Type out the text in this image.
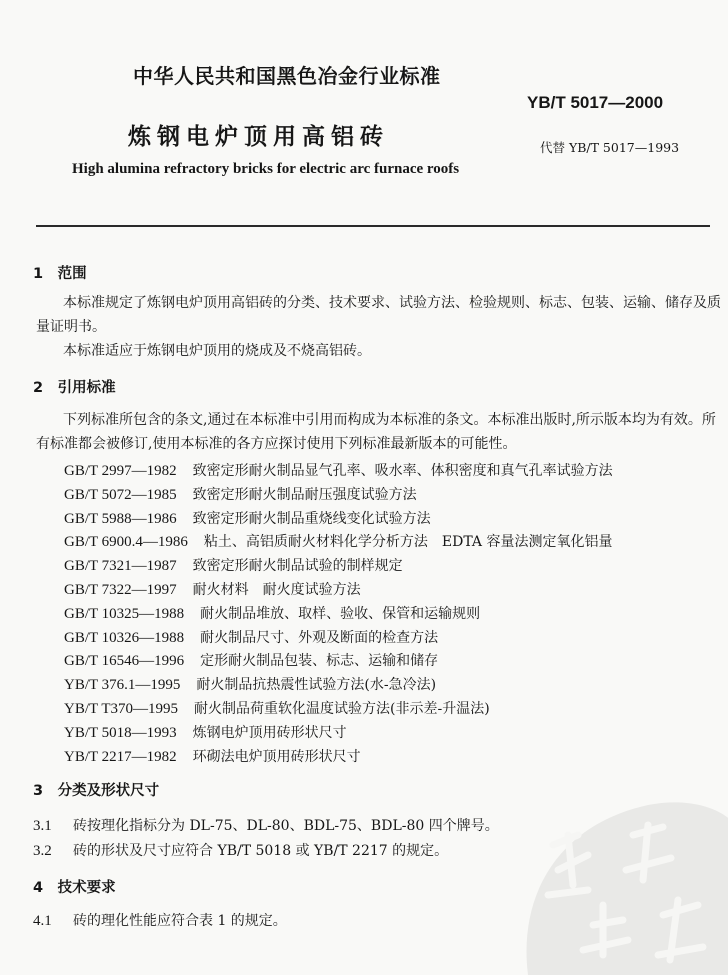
中华人民共和国黑色冶金行业标准
YB/T 5017—2000
炼钢电炉顶用高铝砖	代替 YB/T 5017—1993
High alumina refractory bricks for electric arc furnace roofs
1　范围
本标准规定了炼钢电炉顶用高铝砖的分类、技术要求、试验方法、检验规则、标志、包装、运输、储存及质量证明书。
本标准适应于炼钢电炉顶用的烧成及不烧高铝砖。
2　引用标准
下列标准所包含的条文,通过在本标准中引用而构成为本标准的条文。本标准出版时,所示版本均为有效。所有标准都会被修订,使用本标准的各方应探讨使用下列标准最新版本的可能性。
GB/T 2997—1982 致密定形耐火制品显气孔率、吸水率、体积密度和真气孔率试验方法
GB/T 5072—1985 致密定形耐火制品耐压强度试验方法
GB/T 5988—1986 致密定形耐火制品重烧线变化试验方法
GB/T 6900.4—1986 粘土、高铝质耐火材料化学分析方法　EDTA 容量法测定氧化铝量
GB/T 7321—1987 致密定形耐火制品试验的制样规定
GB/T 7322—1997 耐火材料　耐火度试验方法
GB/T 10325—1988 耐火制品堆放、取样、验收、保管和运输规则
GB/T 10326—1988 耐火制品尺寸、外观及断面的检查方法
GB/T 16546—1996 定形耐火制品包装、标志、运输和储存
YB/T 376.1—1995 耐火制品抗热震性试验方法(水-急冷法)
YB/T T370—1995 耐火制品荷重软化温度试验方法(非示差-升温法)
YB/T 5018—1993 炼钢电炉顶用砖形状尺寸
YB/T 2217—1982 环砌法电炉顶用砖形状尺寸
3　分类及形状尺寸
3.1 砖按理化指标分为 DL-75、DL-80、BDL-75、BDL-80 四个牌号。
3.2 砖的形状及尺寸应符合 YB/T 5018 或 YB/T 2217 的规定。
4　技术要求
4.1 砖的理化性能应符合表 1 的规定。
